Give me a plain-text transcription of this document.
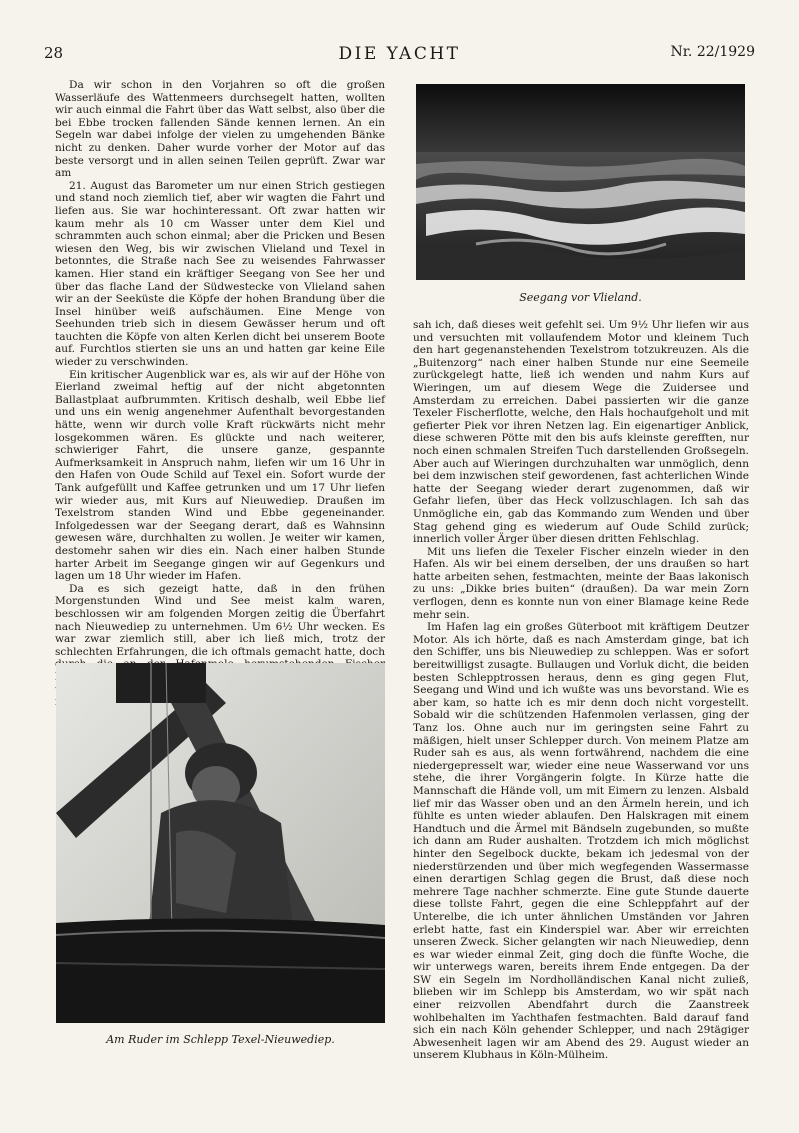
28	DIE YACHT	Nr. 22/1929

Da wir schon in den Vorjahren so oft die großen Wasserläufe des Wattenmeers durchsegelt hatten, wollten wir auch einmal die Fahrt über das Watt selbst, also über die bei Ebbe trocken fallenden Sände kennen lernen. An ein Segeln war dabei infolge der vielen zu umgehenden Bänke nicht zu denken. Daher wurde vorher der Motor auf das beste versorgt und in allen seinen Teilen geprüft. Zwar war am

21. August das Barometer um nur einen Strich gestiegen und stand noch ziemlich tief, aber wir wagten die Fahrt und liefen aus. Sie war hochinteressant. Oft zwar hatten wir kaum mehr als 10 cm Wasser unter dem Kiel und schrammten auch schon einmal; aber die Pricken und Besen wiesen den Weg, bis wir zwischen Vlieland und Texel in betonntes, die Straße nach See zu weisendes Fahrwasser kamen. Hier stand ein kräftiger Seegang von See her und über das flache Land der Südwestecke von Vlieland sahen wir an der Seeküste die Köpfe der hohen Brandung über die Insel hinüber weiß aufschäumen. Eine Menge von Seehunden trieb sich in diesem Gewässer herum und oft tauchten die Köpfe von alten Kerlen dicht bei unserem Boote auf. Furchtlos stierten sie uns an und hatten gar keine Eile wieder zu verschwinden.

Ein kritischer Augenblick war es, als wir auf der Höhe von Eierland zweimal heftig auf der nicht abgetonnten Ballastplaat aufbrummten. Kritisch deshalb, weil Ebbe lief und uns ein wenig angenehmer Aufenthalt bevorgestanden hätte, wenn wir durch volle Kraft rückwärts nicht mehr losgekommen wären. Es glückte und nach weiterer, schwieriger Fahrt, die unsere ganze, gespannte Aufmerksamkeit in Anspruch nahm, liefen wir um 16 Uhr in den Hafen von Oude Schild auf Texel ein. Sofort wurde der Tank aufgefüllt und Kaffee getrunken und um 17 Uhr liefen wir wieder aus, mit Kurs auf Nieuwediep. Draußen im Texelstrom standen Wind und Ebbe gegeneinander. Infolgedessen war der Seegang derart, daß es Wahnsinn gewesen wäre, durchhalten zu wollen. Je weiter wir kamen, destomehr sahen wir dies ein. Nach einer halben Stunde harter Arbeit im Seegange gingen wir auf Gegenkurs und lagen um 18 Uhr wieder im Hafen.

Da es sich gezeigt hatte, daß in den frühen Morgenstunden Wind und See meist kalm waren, beschlossen wir am folgenden Morgen zeitig die Überfahrt nach Nieuwediep zu unternehmen. Um 6½ Uhr wecken. Es war zwar ziemlich still, aber ich ließ mich, trotz der schlechten Erfahrungen, die ich oftmals gemacht hatte, doch

Seegang vor Vlieland.
Am Ruder im Schlepp Texel-Nieuwediep.

sah ich, daß dieses weit gefehlt sei. Um 9½ Uhr liefen wir aus und versuchten mit vollaufendem Motor und kleinem Tuch den hart gegenanstehenden Texelstrom totzukreuzen. Als die „Buitenzorg“ nach einer halben Stunde nur eine Seemeile zurückgelegt hatte, ließ ich wenden und nahm Kurs auf Wieringen, um auf diesem Wege die Zuidersee und Amsterdam zu erreichen. Dabei passierten wir die ganze Texeler Fischerflotte, welche, den Hals hochaufgeholt und mit gefierter Piek vor ihren Netzen lag. Ein eigenartiger Anblick, diese schweren Pötte mit den bis aufs kleinste gerefften, nur noch einen schmalen Streifen Tuch darstellenden Großsegeln. Aber auch auf Wieringen durchzuhalten war unmöglich, denn bei dem inzwischen steif gewordenen, fast achterlichen Winde hatte der Seegang wieder derart zugenommen, daß wir Gefahr liefen, über das Heck vollzuschlagen. Ich sah das Unmögliche ein, gab das Kommando zum Wenden und über Stag gehend ging es wiederum auf Oude Schild zurück; innerlich voller Ärger über diesen dritten Fehlschlag.

Mit uns liefen die Texeler Fischer einzeln wieder in den Hafen. Als wir bei einem derselben, der uns draußen so hart hatte arbeiten sehen, festmachten, meinte der Baas lakonisch zu uns: „Dikke bries buiten“ (draußen). Da war mein Zorn verflogen, denn es konnte nun von einer Blamage keine Rede mehr sein.

Im Hafen lag ein großes Güterboot mit kräftigem Deutzer Motor. Als ich hörte, daß es nach Amsterdam ginge, bat ich den Schiffer, uns bis Nieuwediep zu schleppen. Was er sofort bereitwilligst zusagte. Bullaugen und Vorluk dicht, die beiden besten Schlepptrossen heraus, denn es ging gegen Flut, Seegang und Wind und ich wußte was uns bevorstand. Wie es aber kam, so hatte ich es mir denn doch nicht vorgestellt. Sobald wir die schützenden Hafenmolen verlassen, ging der Tanz los. Ohne auch nur im geringsten seine Fahrt zu mäßigen, hielt unser Schlepper durch. Von meinem Platze am Ruder sah es aus, als wenn fortwährend, nachdem die eine niedergepresselt war, wieder eine neue Wasserwand vor uns stehe, die ihrer Vorgängerin folgte. In Kürze hatte die Mannschaft die Hände voll, um mit Eimern zu lenzen. Alsbald lief mir das Wasser oben und an den Ärmeln herein, und ich fühlte es unten wieder ablaufen. Den Halskragen mit einem Handtuch und die Ärmel mit Bändseln zugebunden, so mußte ich dann am Ruder aushalten. Trotzdem ich mich möglichst hinter den Segelbock duckte, bekam ich jedesmal von der niederstürzenden und über mich wegfegenden Wassermasse einen derartigen Schlag gegen die Brust, daß diese noch mehrere Tage nachher schmerzte. Eine gute Stunde dauerte diese tollste Fahrt, gegen die eine Schleppfahrt auf der Unterelbe, die ich unter ähnlichen Umständen vor Jahren erlebt hatte, fast ein Kinderspiel war. Aber wir erreichten unseren Zweck. Sicher gelangten wir nach Nieuwediep, denn es war wieder einmal Zeit, ging doch die fünfte Woche, die wir unterwegs waren, bereits ihrem Ende entgegen. Da der SW ein Segeln im Nordholländischen Kanal nicht zuließ, blieben wir im Schlepp bis Amsterdam, wo wir spät nach einer reizvollen Abendfahrt durch die Zaanstreek wohlbehalten im Yachthafen festmachten. Bald darauf fand sich ein nach Köln gehender Schlepper, und nach 29tägiger Abwesenheit lagen wir am Abend des 29. August wieder an unserem Klubhaus in Köln-Mülheim.
